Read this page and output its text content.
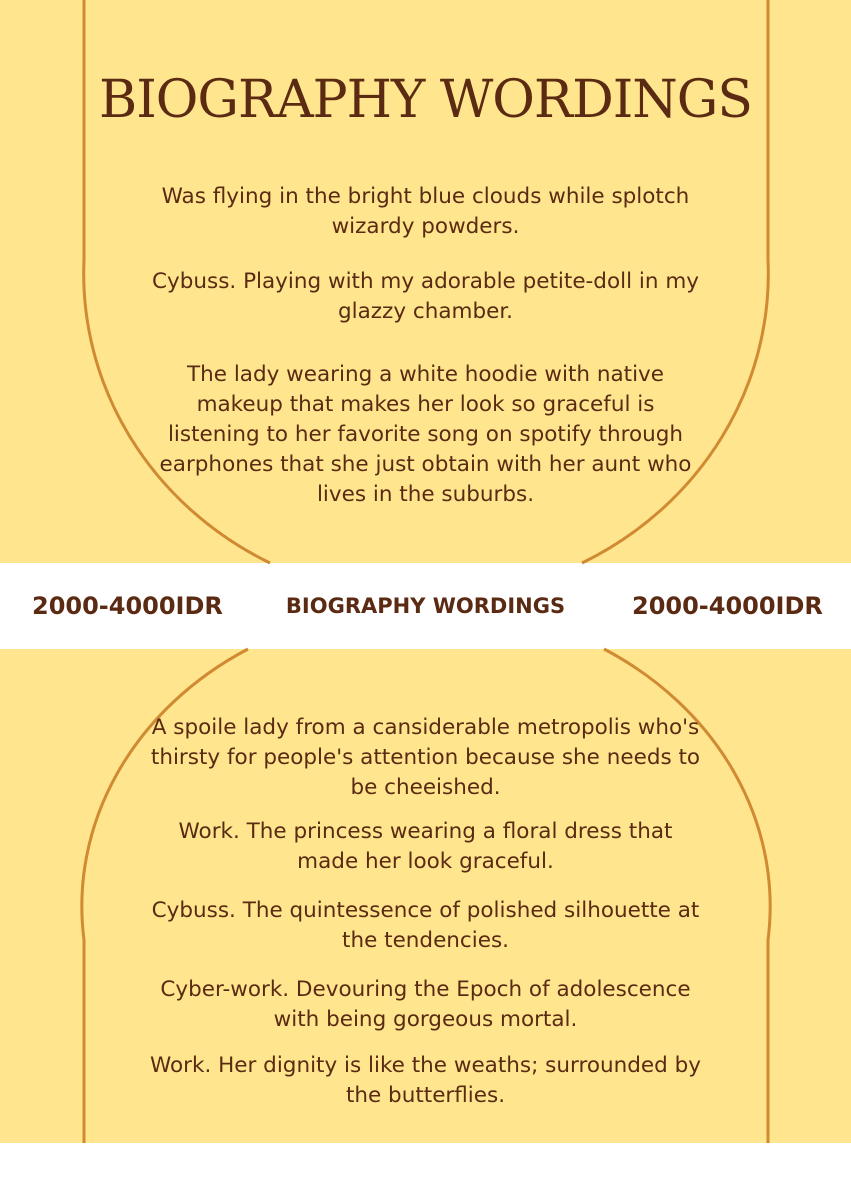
BIOGRAPHY WORDINGS

Was flying in the bright blue clouds while splotch wizardy powders.

Cybuss. Playing with my adorable petite-doll in my glazzy chamber.

The lady wearing a white hoodie with native makeup that makes her look so graceful is listening to her favorite song on spotify through earphones that she just obtain with her aunt who lives in the suburbs.

2000-4000IDR	BIOGRAPHY WORDINGS	2000-4000IDR

A spoile lady from a cansiderable metropolis who's thirsty for people's attention because she needs to be cheeished.

Work. The princess wearing a floral dress that made her look graceful.

Cybuss. The quintessence of polished silhouette at the tendencies.

Cyber-work. Devouring the Epoch of adolescence with being gorgeous mortal.

Work. Her dignity is like the weaths; surrounded by the butterflies.
